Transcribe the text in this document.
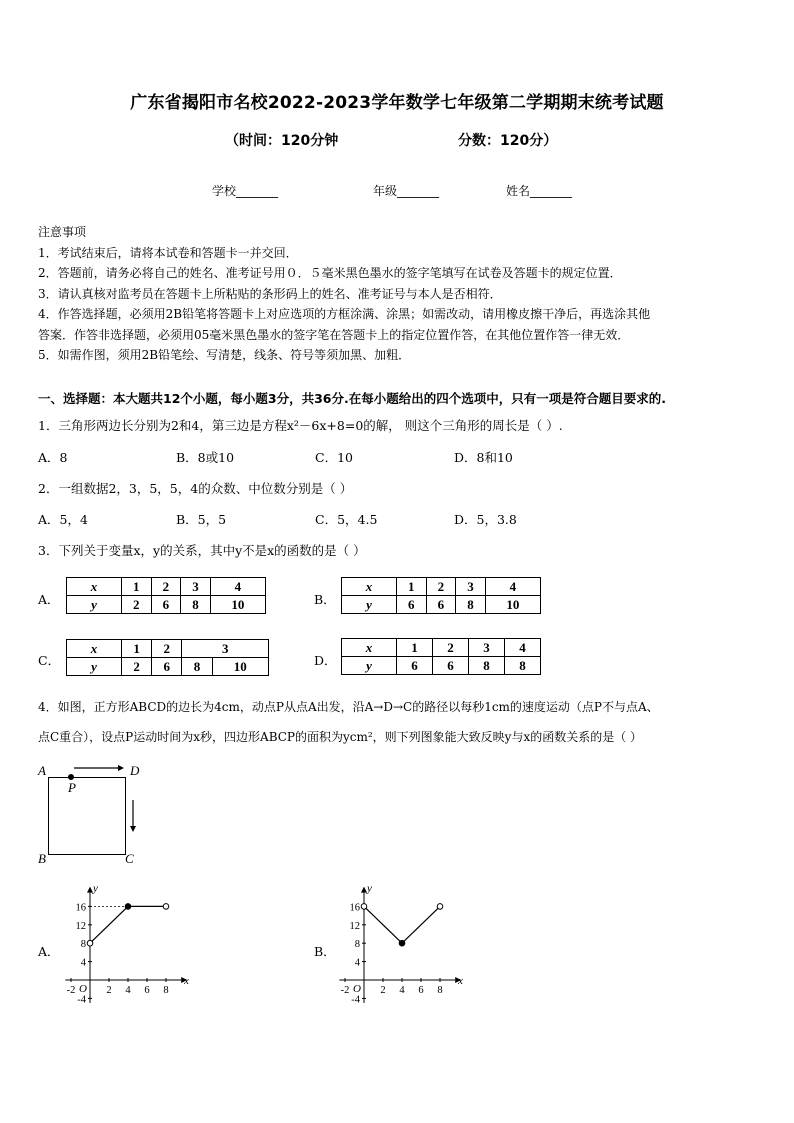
广东省揭阳市名校2022-2023学年数学七年级第二学期期末统考试题
（时间：120分钟	分数：120分）
学校_______	年级_______	姓名_______
注意事项
1．考试结束后，请将本试卷和答题卡一并交回．
2．答题前，请务必将自己的姓名、准考证号用０．５毫米黑色墨水的签字笔填写在试卷及答题卡的规定位置．
3．请认真核对监考员在答题卡上所粘贴的条形码上的姓名、准考证号与本人是否相符．
4．作答选择题，必须用2B铅笔将答题卡上对应选项的方框涂满、涂黑；如需改动，请用橡皮擦干净后，再选涂其他
答案．作答非选择题，必须用05毫米黑色墨水的签字笔在答题卡上的指定位置作答，在其他位置作答一律无效．
5．如需作图，须用2B铅笔绘、写清楚，线条、符号等须加黑、加粗．
一、选择题：本大题共12个小题，每小题3分，共36分.在每小题给出的四个选项中，只有一项是符合题目要求的.
1．三角形两边长分别为2和4，第三边是方程x²－6x+8=0的解， 则这个三角形的周长是（ ）.
A．8	B．8或10	C．10	D．8和10
2．一组数据2，3，5，5，4的众数、中位数分别是（ ）
A．5，4	B．5，5	C．5，4.5	D．5，3.8
3．下列关于变量x，y的关系，其中y不是x的函数的是（ ）
A．
x	1	2	3	4
y	2	6	8	10	B．
x	1	2	3	4
y	6	6	8	10
C．
x	1	2	3	
y	2	6	8	10	D．
x	1	2	3	4
y	6	6	8	8
4．如图，正方形ABCD的边长为4cm，动点P从点A出发，沿A→D→C的路径以每秒1cm的速度运动（点P不与点A、
点C重合），设点P运动时间为x秒，四边形ABCP的面积为ycm²，则下列图象能大致反映y与x的函数关系的是（ ）
A	D
B	C
P
A．
x
y
O
16
12
8
4
-4
-2	2 4 6 8
B．
x
y
O
16
12
8
4
-4
-2	2 4 6 8
